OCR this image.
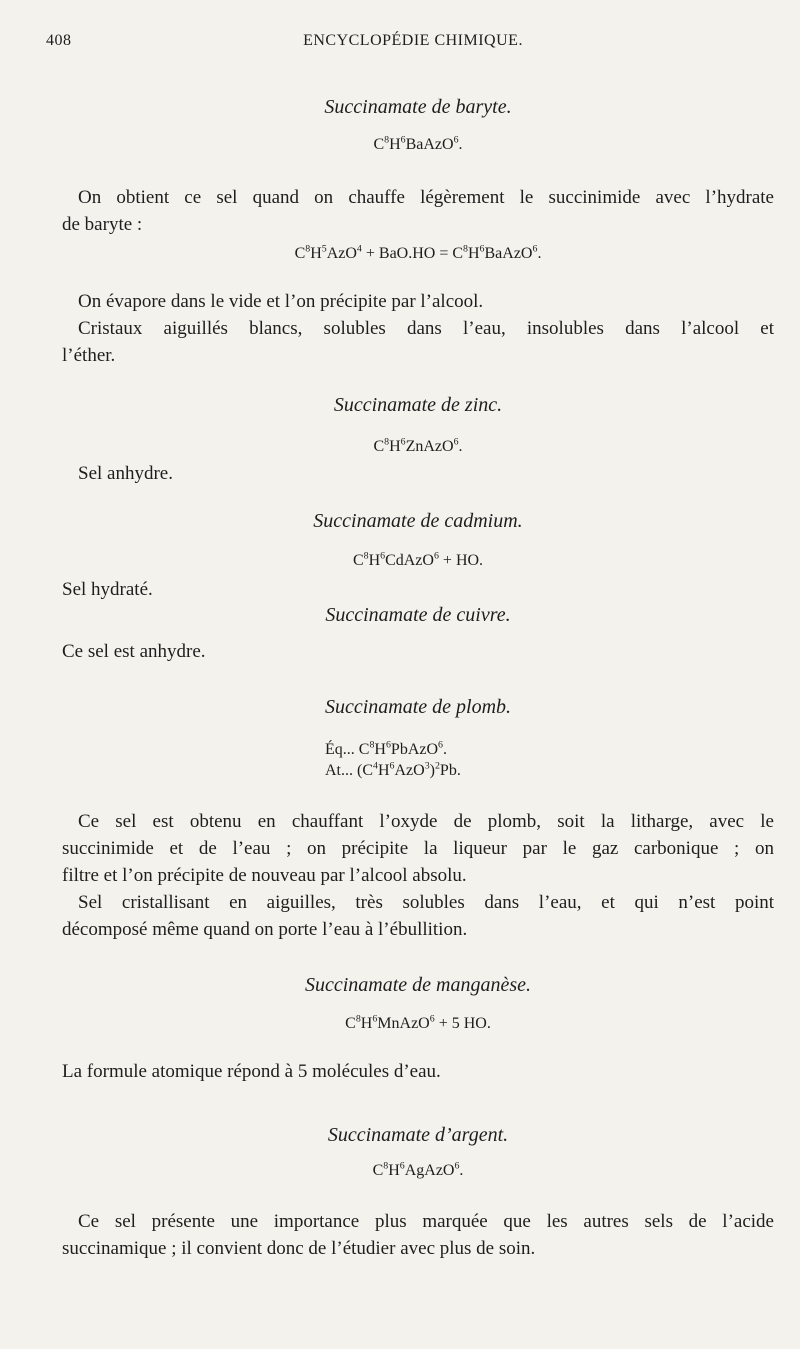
408	ENCYCLOPÉDIE CHIMIQUE.
Succinamate de baryte.
$C^8H^6BaAzO^6$.
On obtient ce sel quand on chauffe légèrement le succinimide avec l’hydrate
de baryte :
$C^8H^5AzO^4 + BaO.HO$ = $C^8H^6BaAzO^6$.
On évapore dans le vide et l’on précipite par l’alcool.
Cristaux aiguillés blancs, solubles dans l’eau, insolubles dans l’alcool et
l’éther.
Succinamate de zinc.
$C^8H^6ZnAzO^6$.
Sel anhydre.
Succinamate de cadmium.
$C^8H^6CdAzO^6$ + HO.
Sel hydraté.
Succinamate de cuivre.
Ce sel est anhydre.
Succinamate de plomb.
Éq... $C^8H^6PbAzO^6$.
At... $(C^4H^6AzO^3)^2Pb$.
Ce sel est obtenu en chauffant l’oxyde de plomb, soit la litharge, avec le
succinimide et de l’eau ; on précipite la liqueur par le gaz carbonique ; on
filtre et l’on précipite de nouveau par l’alcool absolu.
Sel cristallisant en aiguilles, très solubles dans l’eau, et qui n’est point
décomposé même quand on porte l’eau à l’ébullition.
Succinamate de manganèse.
$C^8H^6MnAzO^6 + 5$ HO.
La formule atomique répond à 5 molécules d’eau.
Succinamate d’argent.
$C^8H^6AgAzO^6$.
Ce sel présente une importance plus marquée que les autres sels de l’acide
succinamique ; il convient donc de l’étudier avec plus de soin.
